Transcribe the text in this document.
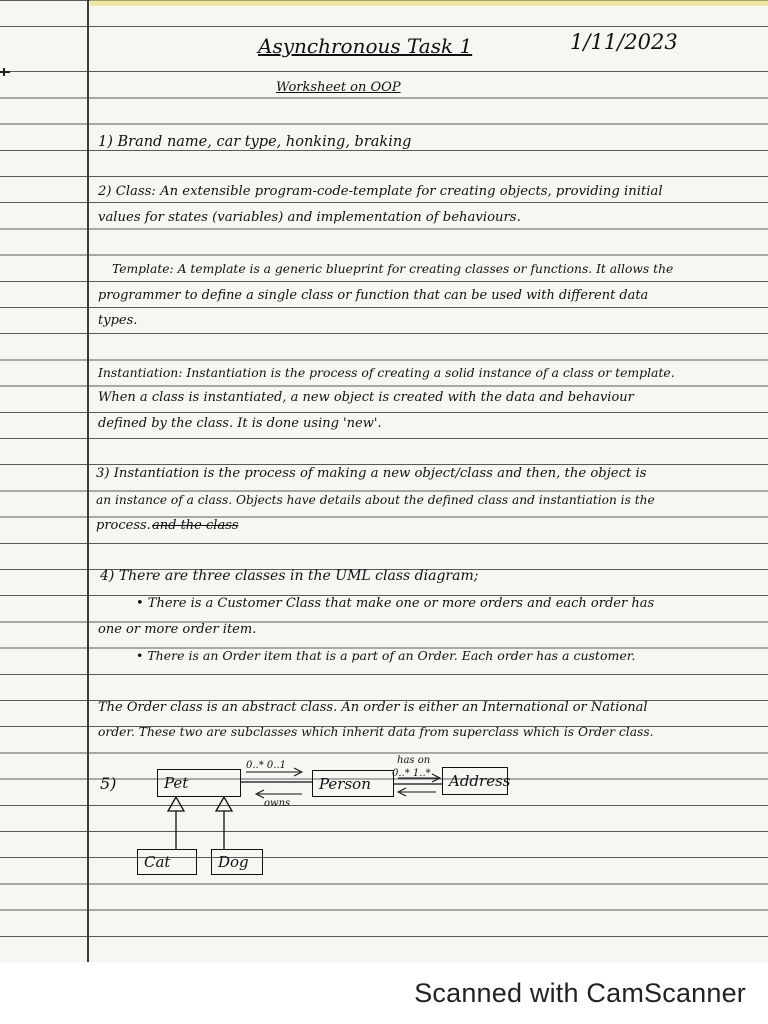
Asynchronous Task 1	1/11/2023
Worksheet on OOP
1) Brand name, car type, honking, braking
2) Class: An extensible program-code-template for creating objects, providing initial
values for states (variables) and implementation of behaviours.
Template: A template is a generic blueprint for creating classes or functions. It allows the
programmer to define a single class or function that can be used with different data
types.
Instantiation: Instantiation is the process of creating a solid instance of a class or template.
When a class is instantiated, a new object is created with the data and behaviour
defined by the class. It is done using 'new'.
3) Instantiation is the process of making a new object/class and then, the object is
an instance of a class. Objects have details about the defined class and instantiation is the
process. and the class
4) There are three classes in the UML class diagram;
• There is a Customer Class that make one or more orders and each order has
one or more order item.
• There is an Order item that is a part of an Order. Each order has a customer.
The Order class is an abstract class. An order is either an International or National
order. These two are subclasses which inherit data from superclass which is Order class.
5)	Pet	Person	Address
Cat	Dog
0..* 0..1
owns
has on
0..* 1..*
Scanned with CamScanner
